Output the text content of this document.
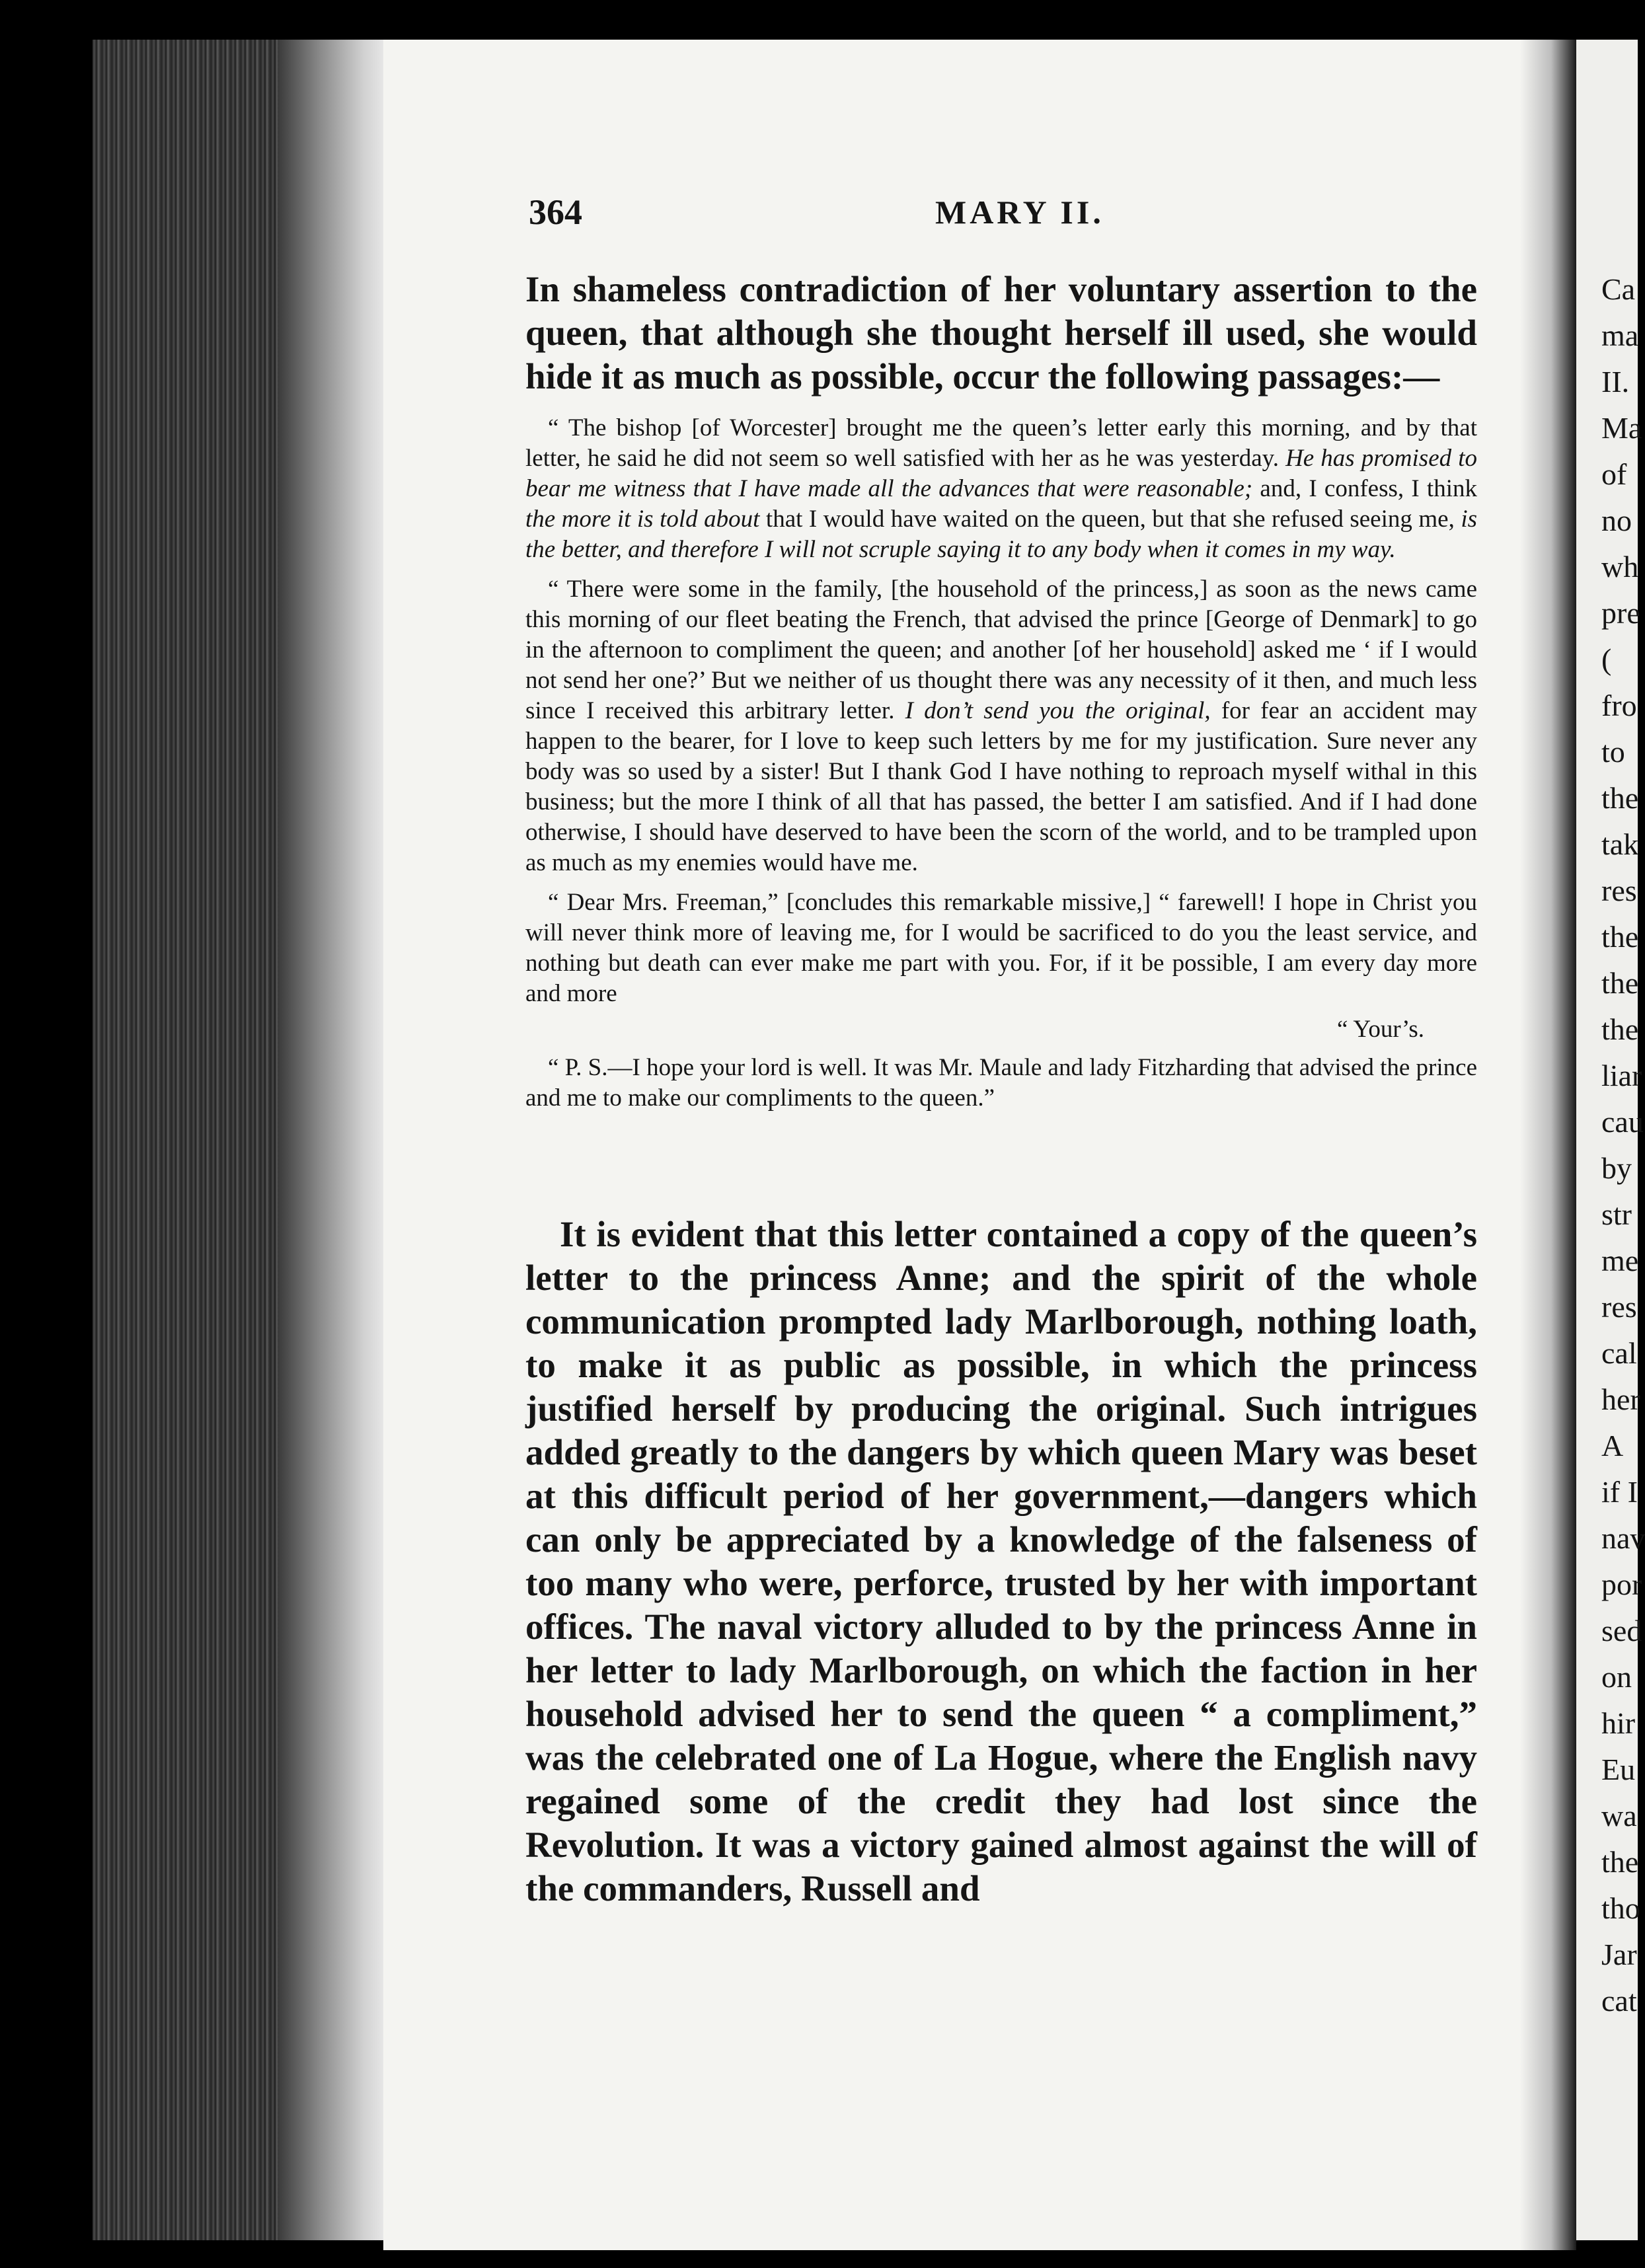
Ca
ma
II.
Ma
of
no
wh
pre
(
fro
to
the
tak
res
the
the
the
liar
cau
by
str
me
res
cal
her
A
if I
nav
por
sed
on
hir
Eu
wa
the
tho
Jar
cat
364	MARY II.

In shameless contradiction of her voluntary assertion to the queen, that although she thought herself ill used, she would hide it as much as possible, occur the following passages:—

“ The bishop [of Worcester] brought me the queen’s letter early this morning, and by that letter, he said he did not seem so well satisfied with her as he was yesterday. He has promised to bear me witness that I have made all the advances that were reasonable; and, I confess, I think the more it is told about that I would have waited on the queen, but that she refused seeing me, is the better, and therefore I will not scruple saying it to any body when it comes in my way.

“ There were some in the family, [the household of the princess,] as soon as the news came this morning of our fleet beating the French, that advised the prince [George of Denmark] to go in the afternoon to compliment the queen; and another [of her household] asked me ‘ if I would not send her one?’ But we neither of us thought there was any necessity of it then, and much less since I received this arbitrary letter. I don’t send you the original, for fear an accident may happen to the bearer, for I love to keep such letters by me for my justification. Sure never any body was so used by a sister! But I thank God I have nothing to reproach myself withal in this business; but the more I think of all that has passed, the better I am satisfied. And if I had done otherwise, I should have deserved to have been the scorn of the world, and to be trampled upon as much as my enemies would have me.

“ Dear Mrs. Freeman,” [concludes this remarkable missive,] “ farewell! I hope in Christ you will never think more of leaving me, for I would be sacrificed to do you the least service, and nothing but death can ever make me part with you. For, if it be possible, I am every day more and more

“ Your’s.

“ P. S.—I hope your lord is well. It was Mr. Maule and lady Fitzharding that advised the prince and me to make our compliments to the queen.”

It is evident that this letter contained a copy of the queen’s letter to the princess Anne; and the spirit of the whole communication prompted lady Marlborough, nothing loath, to make it as public as possible, in which the princess justified herself by producing the original. Such intrigues added greatly to the dangers by which queen Mary was beset at this difficult period of her government,—dangers which can only be appreciated by a knowledge of the falseness of too many who were, perforce, trusted by her with important offices. The naval victory alluded to by the princess Anne in her letter to lady Marlborough, on which the faction in her household advised her to send the queen “ a compliment,” was the celebrated one of La Hogue, where the English navy regained some of the credit they had lost since the Revolution. It was a victory gained almost against the will of the commanders, Russell and
